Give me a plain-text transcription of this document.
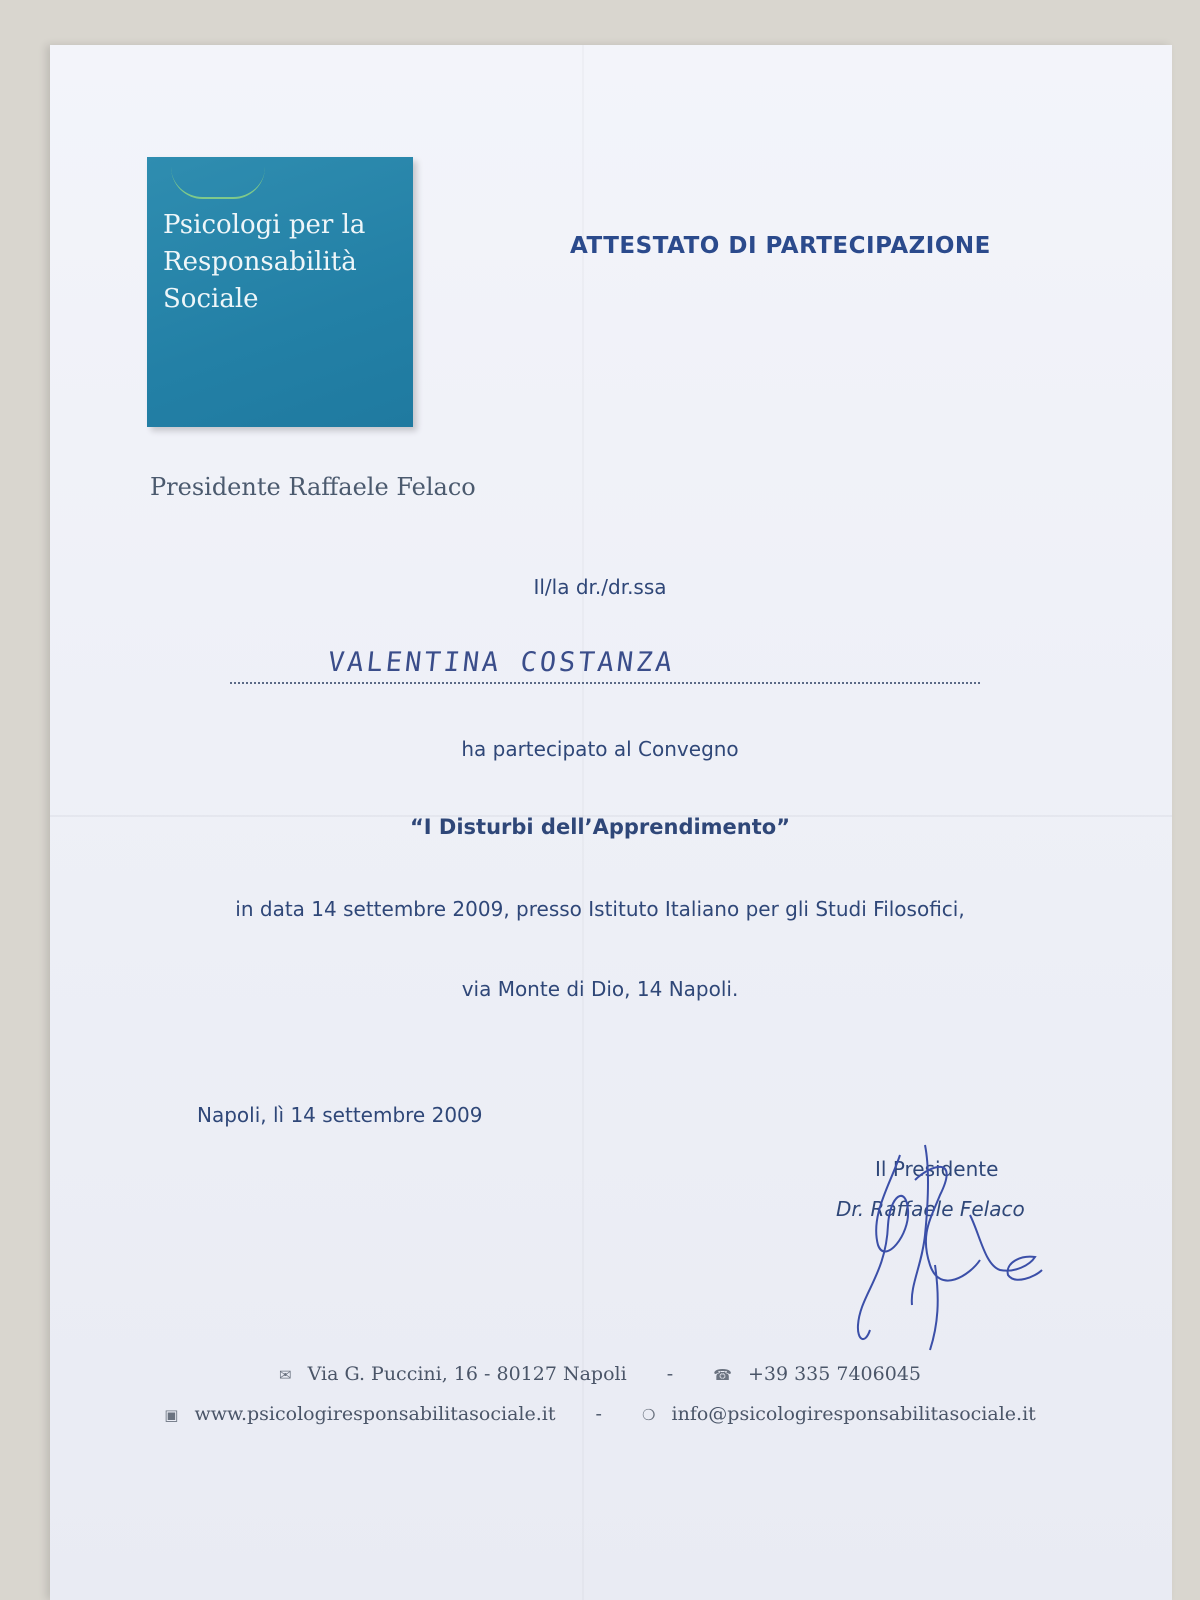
Psicologi per la
Responsabilità
Sociale
ATTESTATO DI PARTECIPAZIONE
Presidente Raffaele Felaco
Il/la dr./dr.ssa
VALENTINA COSTANZA
ha partecipato al Convegno
“I Disturbi dell’Apprendimento”
in data 14 settembre 2009, presso Istituto Italiano per gli Studi Filosofici,
via Monte di Dio, 14 Napoli.
Napoli, lì 14 settembre 2009
Il Presidente
Dr. Raffaele Felaco
✉ Via G. Puccini, 16 - 80127 Napoli -	☎ +39 335 7406045
▣ www.psicologiresponsabilitasociale.it -	❍ info@psicologiresponsabilitasociale.it
